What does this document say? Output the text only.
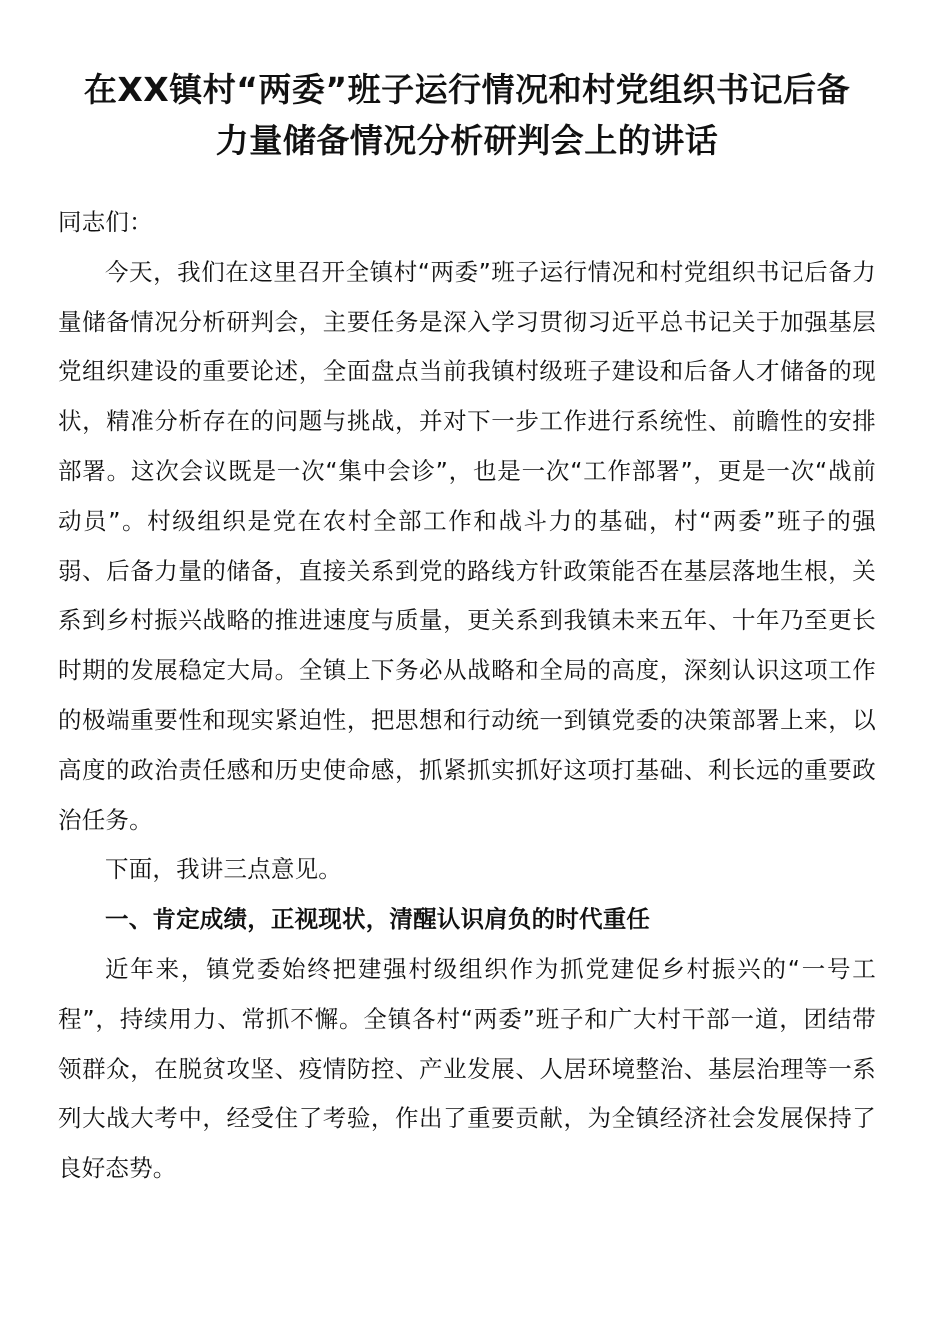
在XX镇村“两委”班子运行情况和村党组织书记后备
力量储备情况分析研判会上的讲话

同志们：

今天，我们在这里召开全镇村“两委”班子运行情况和村党组织书记后备力量储备情况分析研判会，主要任务是深入学习贯彻习近平总书记关于加强基层党组织建设的重要论述，全面盘点当前我镇村级班子建设和后备人才储备的现状，精准分析存在的问题与挑战，并对下一步工作进行系统性、前瞻性的安排部署。这次会议既是一次“集中会诊”，也是一次“工作部署”，更是一次“战前动员”。村级组织是党在农村全部工作和战斗力的基础，村“两委”班子的强弱、后备力量的储备，直接关系到党的路线方针政策能否在基层落地生根，关系到乡村振兴战略的推进速度与质量，更关系到我镇未来五年、十年乃至更长时期的发展稳定大局。全镇上下务必从战略和全局的高度，深刻认识这项工作的极端重要性和现实紧迫性，把思想和行动统一到镇党委的决策部署上来，以高度的政治责任感和历史使命感，抓紧抓实抓好这项打基础、利长远的重要政治任务。

下面，我讲三点意见。

一、肯定成绩，正视现状，清醒认识肩负的时代重任

近年来，镇党委始终把建强村级组织作为抓党建促乡村振兴的“一号工程”，持续用力、常抓不懈。全镇各村“两委”班子和广大村干部一道，团结带领群众，在脱贫攻坚、疫情防控、产业发展、人居环境整治、基层治理等一系列大战大考中，经受住了考验，作出了重要贡献，为全镇经济社会发展保持了良好态势。
